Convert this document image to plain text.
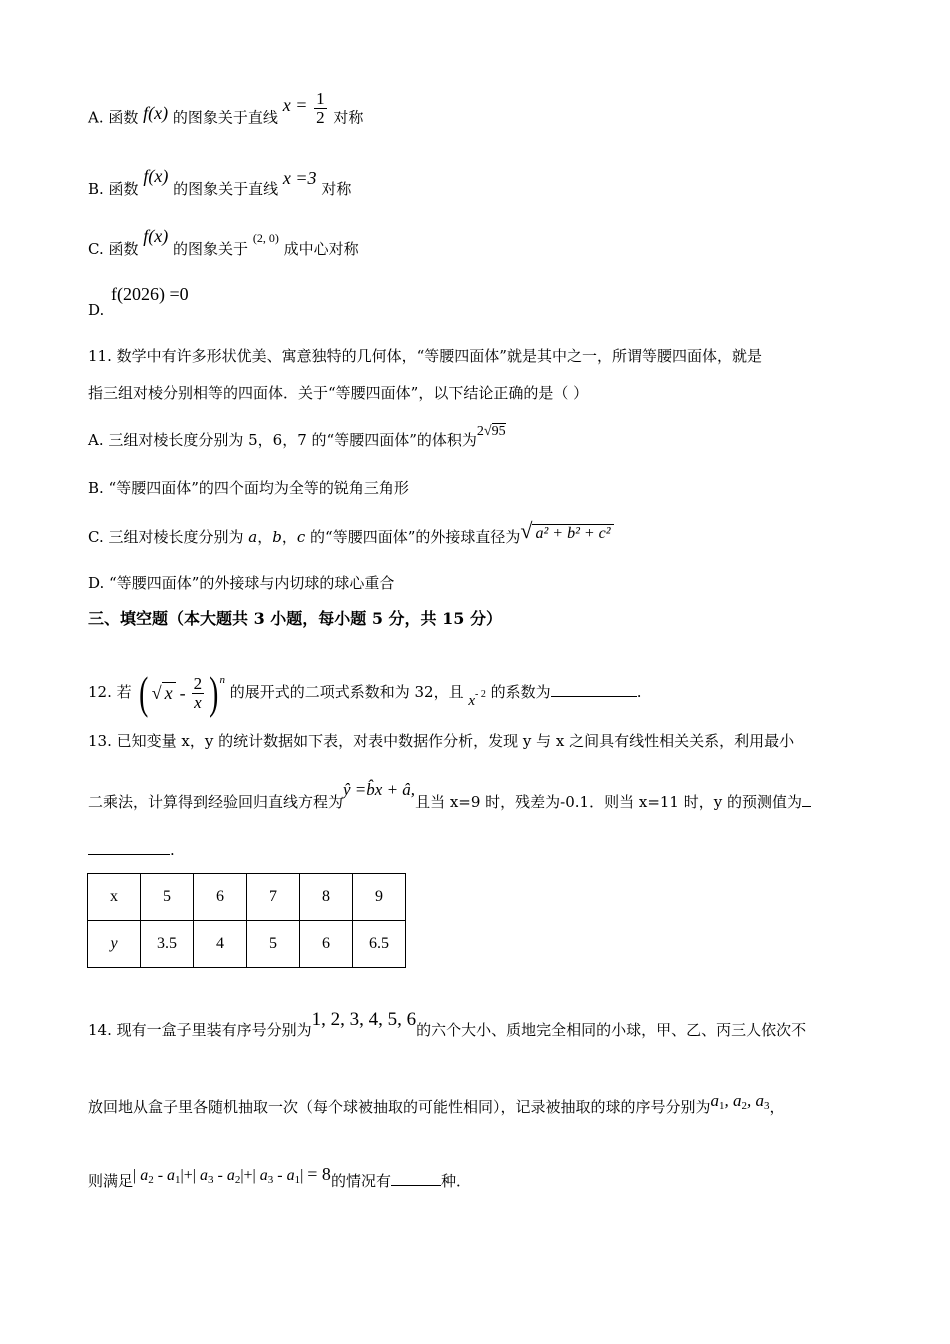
A. 函数 f(x) 的图象关于直线 $x = \frac{1}{2}$ 对称
B. 函数 f(x) 的图象关于直线 x =3 对称
C. 函数 f(x) 的图象关于 $^{(2, 0)}$ 成中心对称
f(2026) =0
D.
11. 数学中有许多形状优美、寓意独特的几何体，“等腰四面体”就是其中之一，所谓等腰四面体，就是
指三组对棱分别相等的四面体．关于“等腰四面体”，以下结论正确的是（ ）
A. 三组对棱长度分别为 5，6，7 的“等腰四面体”的体积为2√95
B. “等腰四面体”的四个面均为全等的锐角三角形
C. 三组对棱长度分别为 a，b，c 的“等腰四面体”的外接球直径为√ a² + b² + c²
D. “等腰四面体”的外接球与内切球的球心重合
三、填空题（本大题共 3 小题，每小题 5 分，共 15 分）
12. 若 ( √ x - $\frac{2}{x}$ ) n
的展开式的二项式系数和为 32，且 $x^{- 2}$ 的系数为	.
13. 已知变量 x，y 的统计数据如下表，对表中数据作分析，发现 y 与 x 之间具有线性相关关系，利用最小
二乘法，计算得到经验回归直线方程为ŷ =b̂x + â,且当 x=9 时，残差为-0.1．则当 x=11 时，y 的预测值为
.
x	5	6	7	8	9
y	3.5	4	5	6	6.5
14. 现有一盒子里装有序号分别为1, 2, 3, 4, 5, 6的六个大小、质地完全相同的小球，甲、乙、丙三人依次不
放回地从盒子里各随机抽取一次（每个球被抽取的可能性相同），记录被抽取的球的序号分别为$a_1$, $a_2$, $a_3$，
则满足| $a_2 - a_1|+|$ $a_3 - a_2|+|$ $a_3 - a_1| = 8$的情况有	种．
